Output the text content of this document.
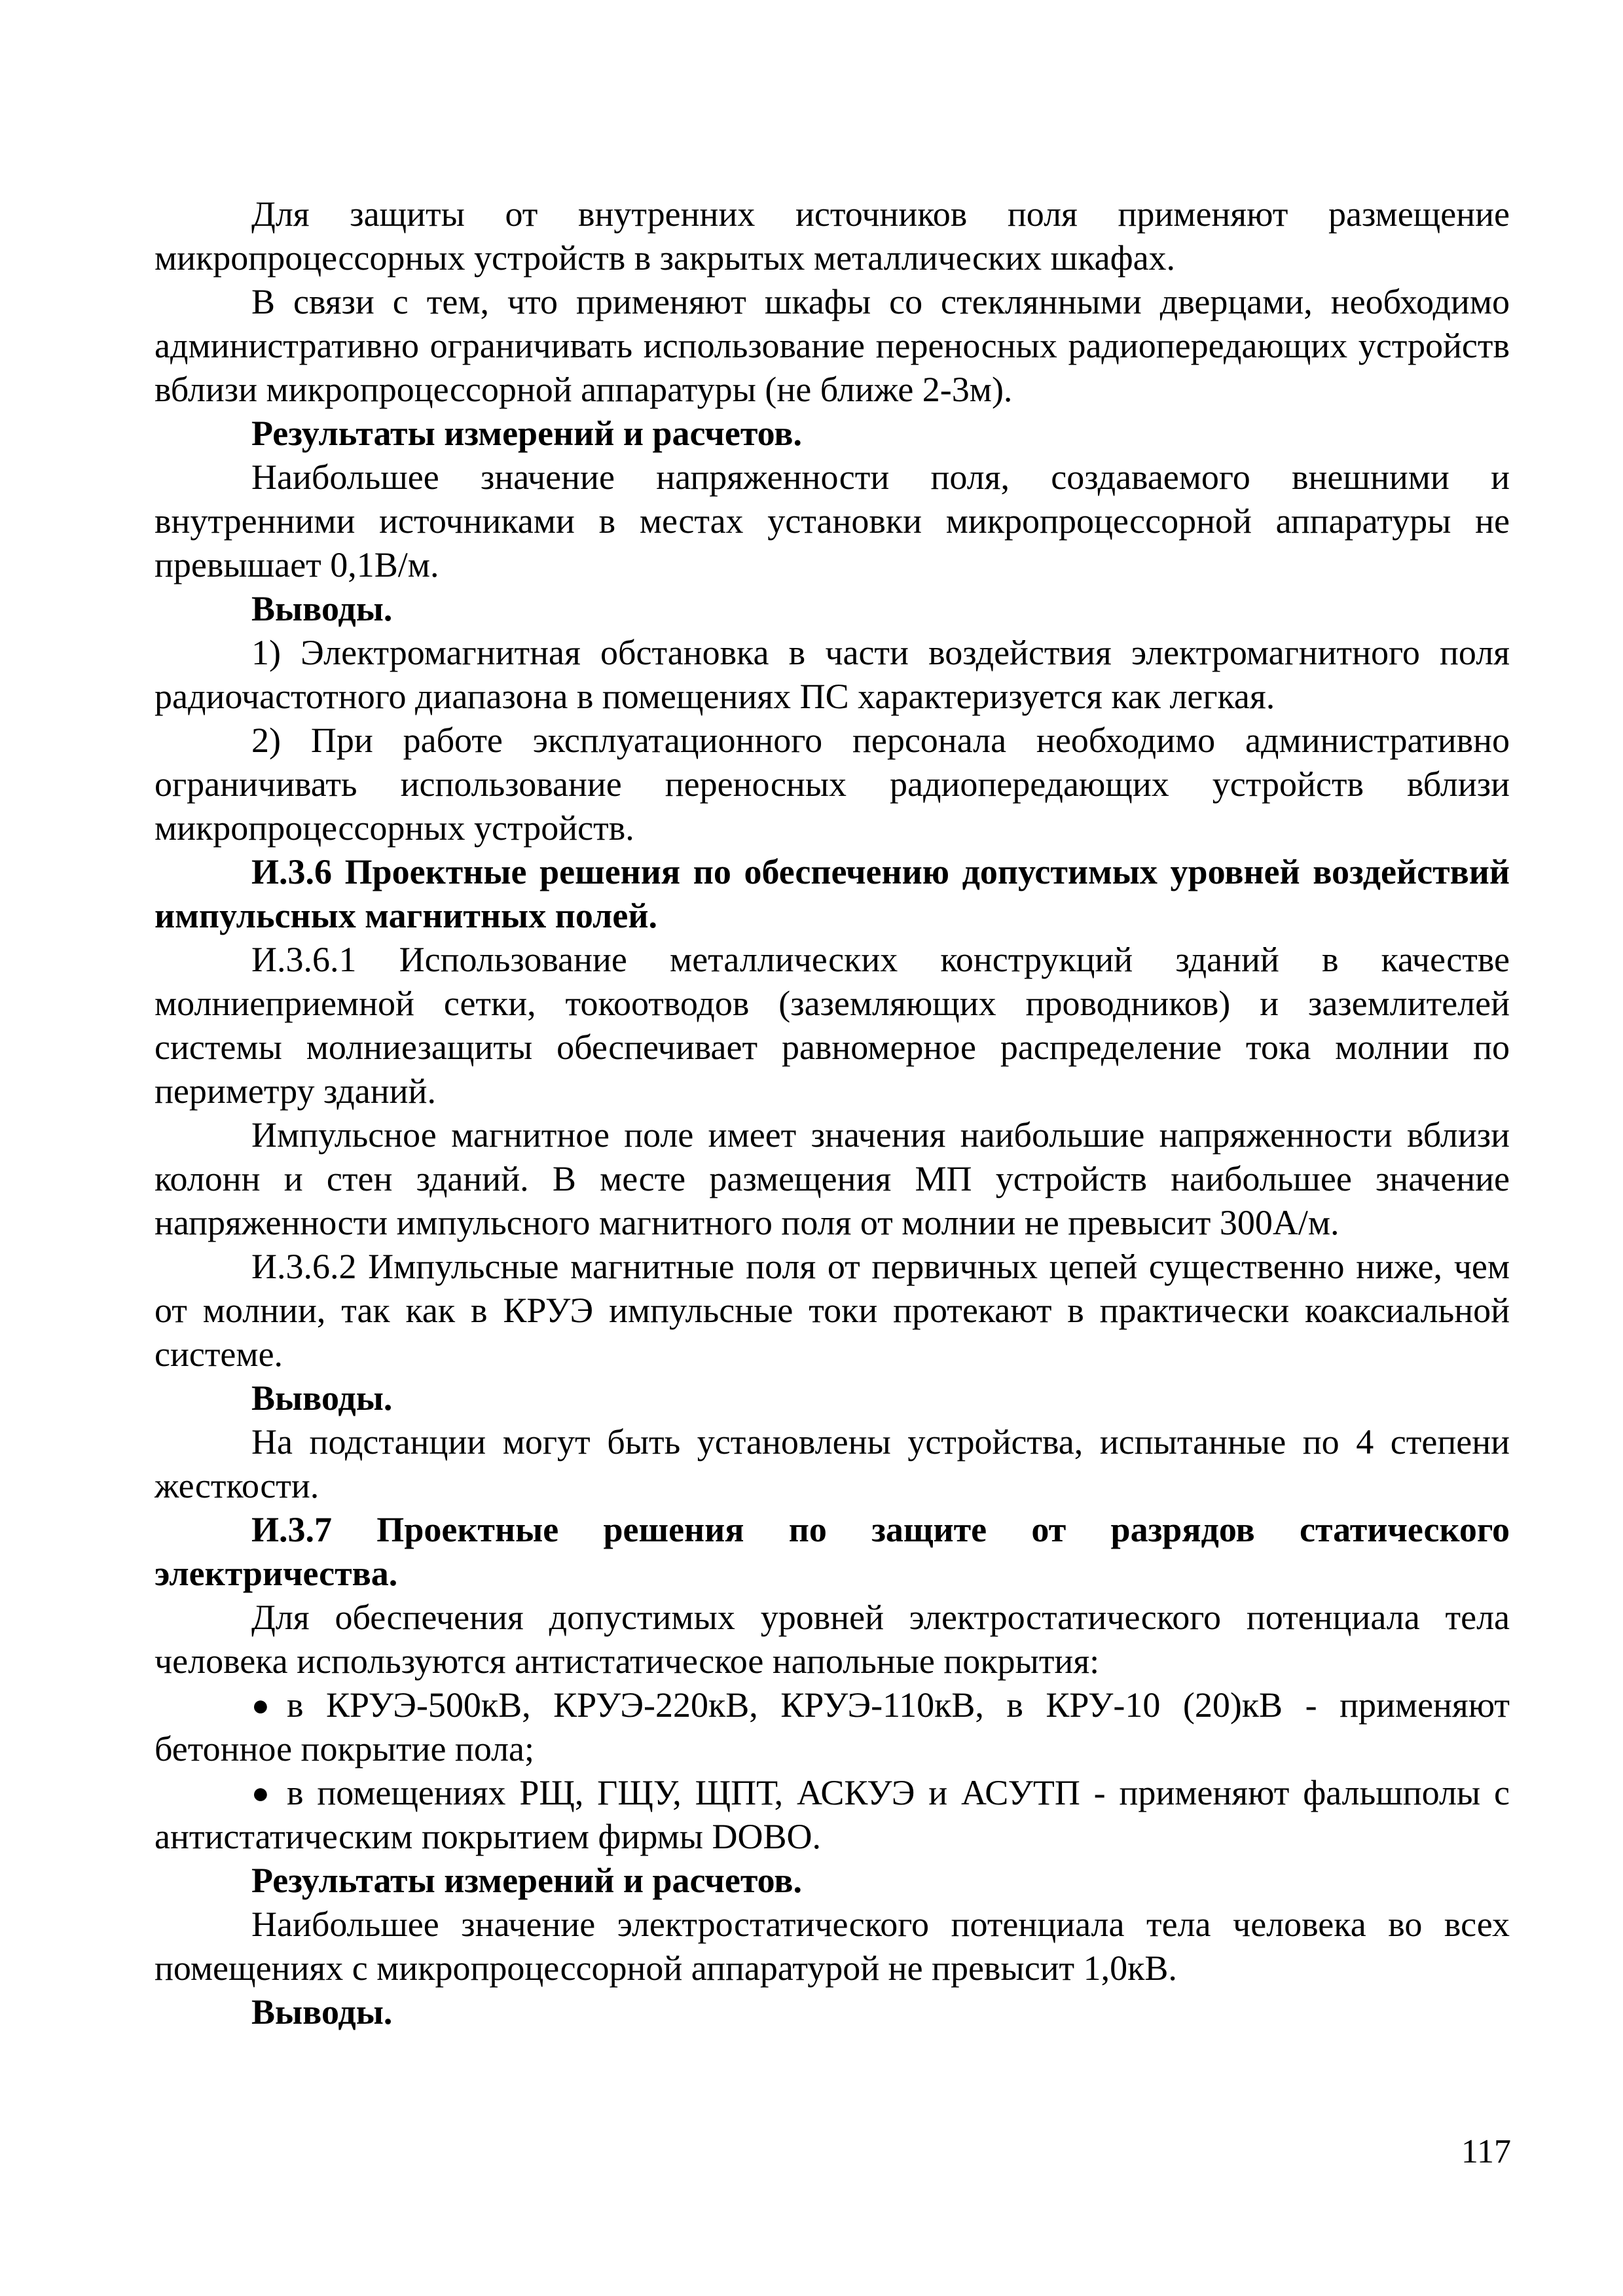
Для защиты от внутренних источников поля применяют размещение микропроцессорных устройств в закрытых металлических шкафах.

В связи с тем, что применяют шкафы со стеклянными дверцами, необходимо административно ограничивать использование переносных радиопередающих устройств вблизи микропроцессорной аппаратуры (не ближе 2-3м).

Результаты измерений и расчетов.

Наибольшее значение напряженности поля, создаваемого внешними и внутренними источниками в местах установки микропроцессорной аппаратуры не превышает 0,1В/м.

Выводы.

1) Электромагнитная обстановка в части воздействия электромагнитного поля радиочастотного диапазона в помещениях ПС характеризуется как легкая.

2) При работе эксплуатационного персонала необходимо административно ограничивать использование переносных радиопередающих устройств вблизи микропроцессорных устройств.

И.3.6 Проектные решения по обеспечению допустимых уровней воздействий импульсных магнитных полей.

И.3.6.1 Использование металлических конструкций зданий в качестве молниеприемной сетки, токоотводов (заземляющих проводников) и заземлителей системы молниезащиты обеспечивает равномерное распределение тока молнии по периметру зданий.

Импульсное магнитное поле имеет значения наибольшие напряженности вблизи колонн и стен зданий. В месте размещения МП устройств наибольшее значение напряженности импульсного магнитного поля от молнии не превысит 300А/м.

И.3.6.2 Импульсные магнитные поля от первичных цепей существенно ниже, чем от молнии, так как в КРУЭ импульсные токи протекают в практически коаксиальной системе.

Выводы.

На подстанции могут быть установлены устройства, испытанные по 4 степени жесткости.

И.3.7 Проектные решения по защите от разрядов статического электричества.

Для обеспечения допустимых уровней электростатического потенциала тела человека используются антистатическое напольные покрытия:

● в КРУЭ-500кВ, КРУЭ-220кВ, КРУЭ-110кВ, в КРУ-10 (20)кВ - применяют бетонное покрытие пола;

● в помещениях РЩ, ГЩУ, ЩПТ, АСКУЭ и АСУТП - применяют фальшполы с антистатическим покрытием фирмы DOBO.

Результаты измерений и расчетов.

Наибольшее значение электростатического потенциала тела человека во всех помещениях с микропроцессорной аппаратурой не превысит 1,0кВ.

Выводы.

117
